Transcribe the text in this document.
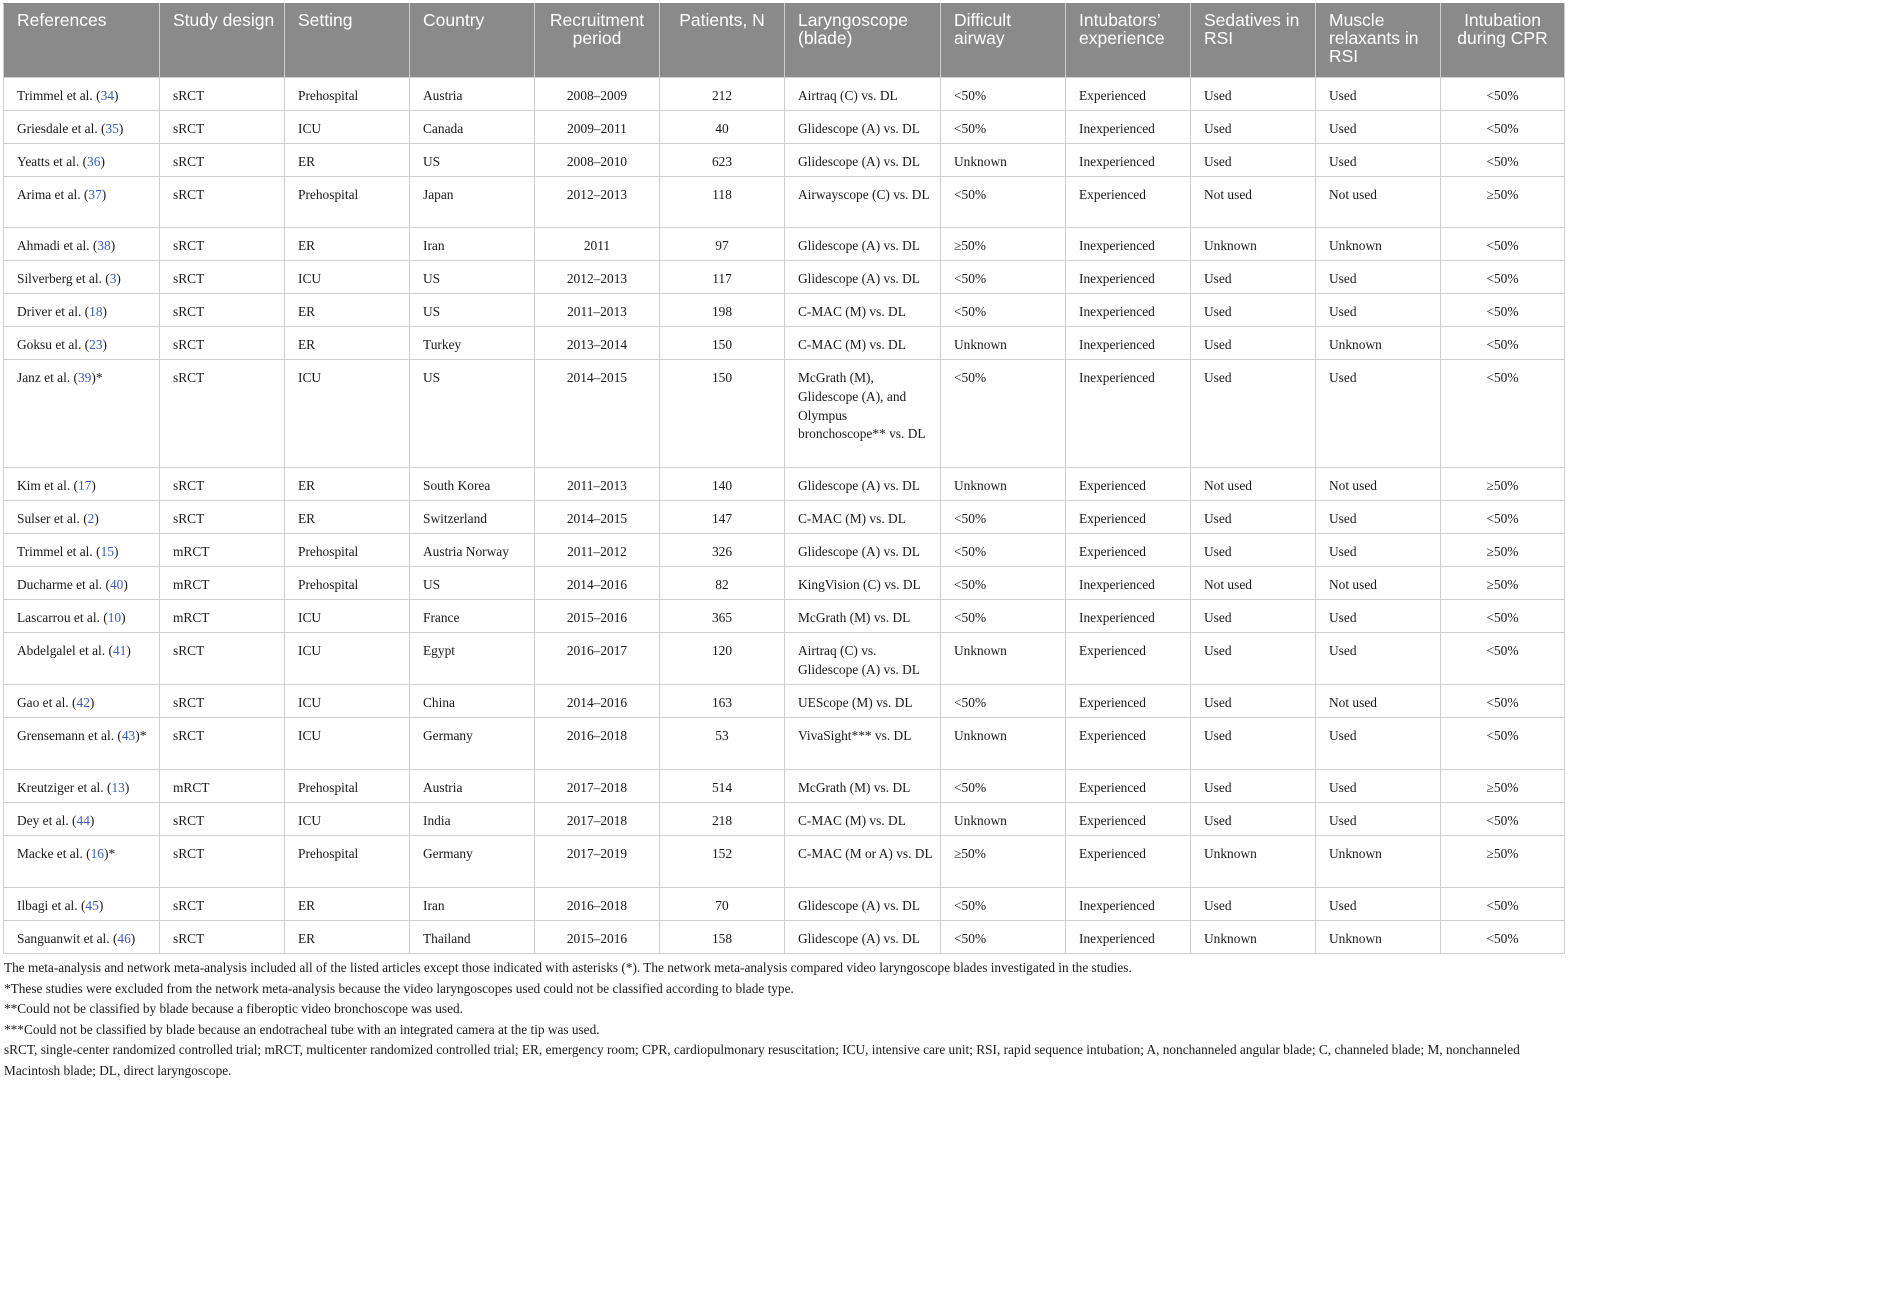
References	Study design	Setting	Country	Recruitment period	Patients, N	Laryngoscope (blade)	Difficult airway	Intubators’ experience	Sedatives in RSI	Muscle relaxants in RSI	Intubation during CPR
Trimmel et al. (34)	sRCT	Prehospital	Austria	2008–2009	212	Airtraq (C) vs. DL	<50%	Experienced	Used	Used	<50%
Griesdale et al. (35)	sRCT	ICU	Canada	2009–2011	40	Glidescope (A) vs. DL	<50%	Inexperienced	Used	Used	<50%
Yeatts et al. (36)	sRCT	ER	US	2008–2010	623	Glidescope (A) vs. DL	Unknown	Inexperienced	Used	Used	<50%
Arima et al. (37)	sRCT	Prehospital	Japan	2012–2013	118	Airwayscope (C) vs. DL	<50%	Experienced	Not used	Not used	≥50%
Ahmadi et al. (38)	sRCT	ER	Iran	2011	97	Glidescope (A) vs. DL	≥50%	Inexperienced	Unknown	Unknown	<50%
Silverberg et al. (3)	sRCT	ICU	US	2012–2013	117	Glidescope (A) vs. DL	<50%	Inexperienced	Used	Used	<50%
Driver et al. (18)	sRCT	ER	US	2011–2013	198	C-MAC (M) vs. DL	<50%	Inexperienced	Used	Used	<50%
Goksu et al. (23)	sRCT	ER	Turkey	2013–2014	150	C-MAC (M) vs. DL	Unknown	Inexperienced	Used	Unknown	<50%
Janz et al. (39)*	sRCT	ICU	US	2014–2015	150	McGrath (M), Glidescope (A), and Olympus bronchoscope** vs. DL	<50%	Inexperienced	Used	Used	<50%
Kim et al. (17)	sRCT	ER	South Korea	2011–2013	140	Glidescope (A) vs. DL	Unknown	Experienced	Not used	Not used	≥50%
Sulser et al. (2)	sRCT	ER	Switzerland	2014–2015	147	C-MAC (M) vs. DL	<50%	Experienced	Used	Used	<50%
Trimmel et al. (15)	mRCT	Prehospital	Austria Norway	2011–2012	326	Glidescope (A) vs. DL	<50%	Experienced	Used	Used	≥50%
Ducharme et al. (40)	mRCT	Prehospital	US	2014–2016	82	KingVision (C) vs. DL	<50%	Inexperienced	Not used	Not used	≥50%
Lascarrou et al. (10)	mRCT	ICU	France	2015–2016	365	McGrath (M) vs. DL	<50%	Inexperienced	Used	Used	<50%
Abdelgalel et al. (41)	sRCT	ICU	Egypt	2016–2017	120	Airtraq (C) vs. Glidescope (A) vs. DL	Unknown	Experienced	Used	Used	<50%
Gao et al. (42)	sRCT	ICU	China	2014–2016	163	UEScope (M) vs. DL	<50%	Experienced	Used	Not used	<50%
Grensemann et al. (43)*	sRCT	ICU	Germany	2016–2018	53	VivaSight*** vs. DL	Unknown	Experienced	Used	Used	<50%
Kreutziger et al. (13)	mRCT	Prehospital	Austria	2017–2018	514	McGrath (M) vs. DL	<50%	Experienced	Used	Used	≥50%
Dey et al. (44)	sRCT	ICU	India	2017–2018	218	C-MAC (M) vs. DL	Unknown	Experienced	Used	Used	<50%
Macke et al. (16)*	sRCT	Prehospital	Germany	2017–2019	152	C-MAC (M or A) vs. DL	≥50%	Experienced	Unknown	Unknown	≥50%
Ilbagi et al. (45)	sRCT	ER	Iran	2016–2018	70	Glidescope (A) vs. DL	<50%	Inexperienced	Used	Used	<50%
Sanguanwit et al. (46)	sRCT	ER	Thailand	2015–2016	158	Glidescope (A) vs. DL	<50%	Inexperienced	Unknown	Unknown	<50%

The meta-analysis and network meta-analysis included all of the listed articles except those indicated with asterisks (*). The network meta-analysis compared video laryngoscope blades investigated in the studies.

*These studies were excluded from the network meta-analysis because the video laryngoscopes used could not be classified according to blade type.

**Could not be classified by blade because a fiberoptic video bronchoscope was used.

***Could not be classified by blade because an endotracheal tube with an integrated camera at the tip was used.

sRCT, single-center randomized controlled trial; mRCT, multicenter randomized controlled trial; ER, emergency room; CPR, cardiopulmonary resuscitation; ICU, intensive care unit; RSI, rapid sequence intubation; A, nonchanneled angular blade; C, channeled blade; M, nonchanneled Macintosh blade; DL, direct laryngoscope.
